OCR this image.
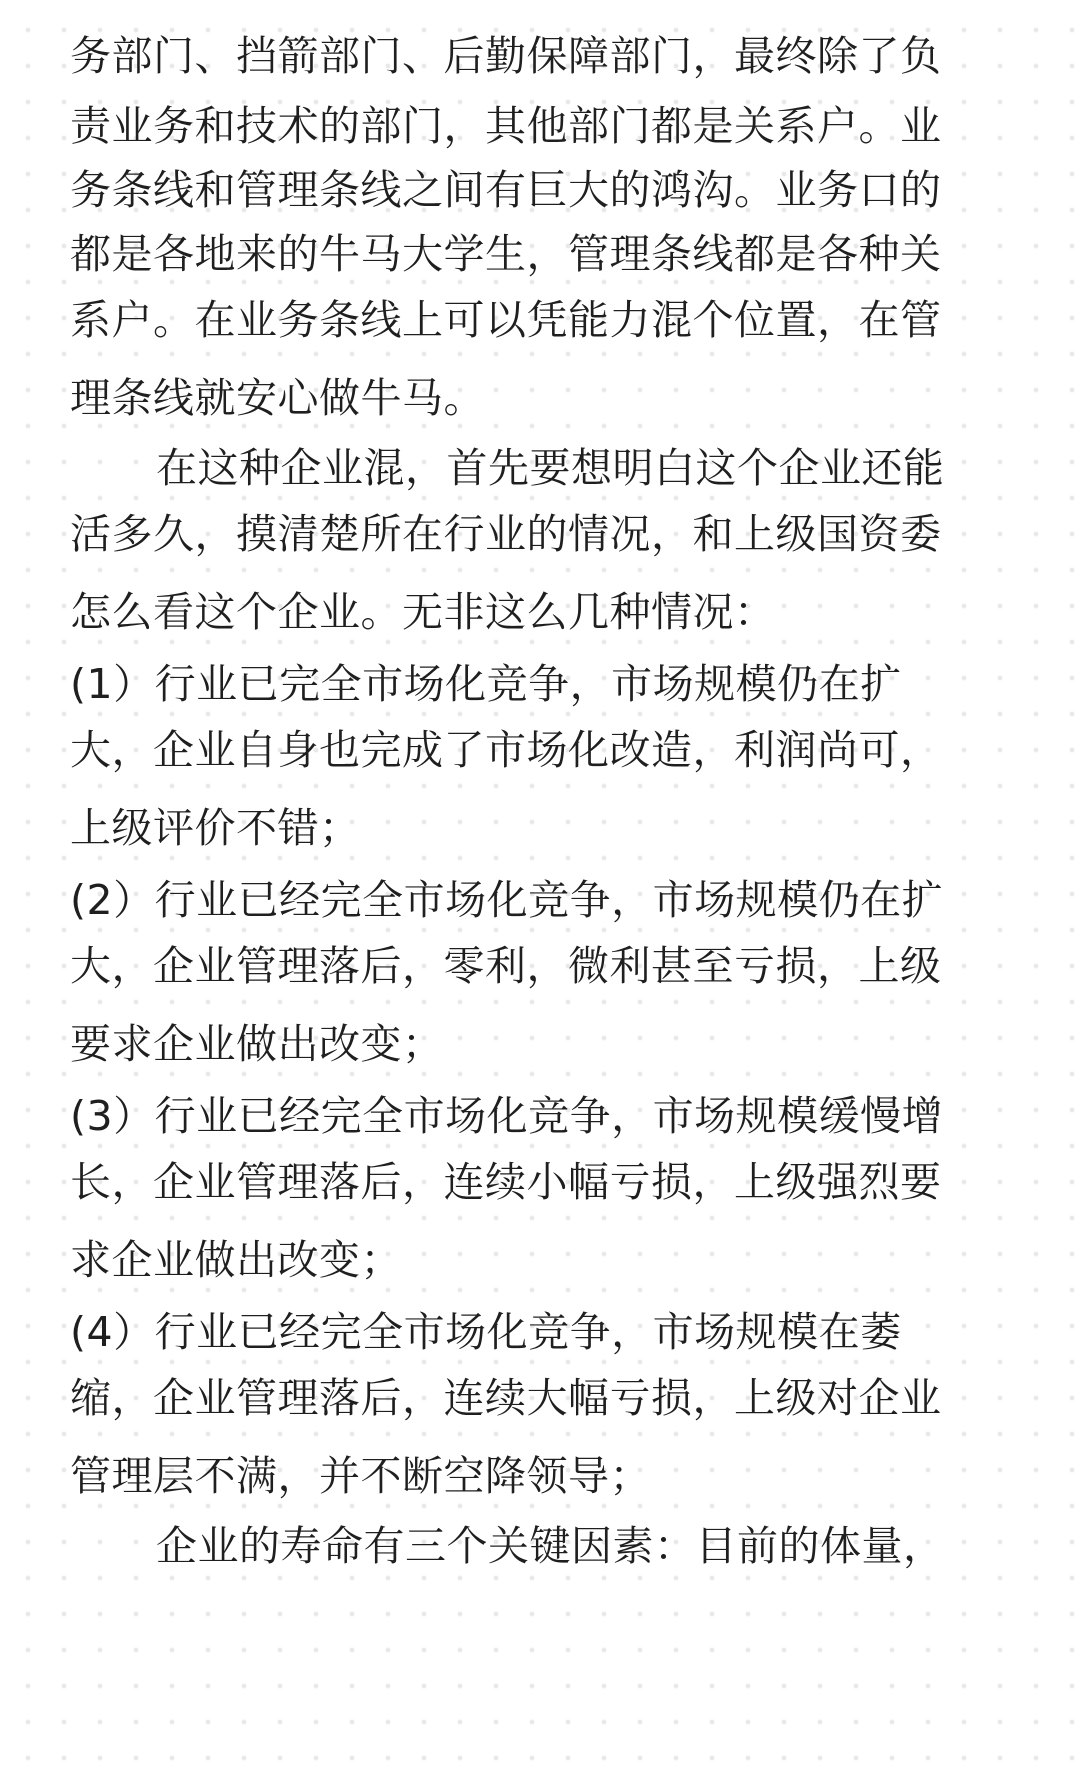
务部门、挡箭部门、后勤保障部门，最终除了负
责业务和技术的部门，其他部门都是关系户。业
务条线和管理条线之间有巨大的鸿沟。业务口的
都是各地来的牛马大学生，管理条线都是各种关
系户。在业务条线上可以凭能力混个位置，在管
理条线就安心做牛马。
在这种企业混，首先要想明白这个企业还能
活多久，摸清楚所在行业的情况，和上级国资委
怎么看这个企业。无非这么几种情况：
(1）行业已完全市场化竞争，市场规模仍在扩
大，企业自身也完成了市场化改造，利润尚可，
上级评价不错；
(2）行业已经完全市场化竞争，市场规模仍在扩
大，企业管理落后，零利，微利甚至亏损，上级
要求企业做出改变；
(3）行业已经完全市场化竞争，市场规模缓慢增
长，企业管理落后，连续小幅亏损，上级强烈要
求企业做出改变；
(4）行业已经完全市场化竞争，市场规模在萎
缩，企业管理落后，连续大幅亏损，上级对企业
管理层不满，并不断空降领导；
企业的寿命有三个关键因素：目前的体量，
